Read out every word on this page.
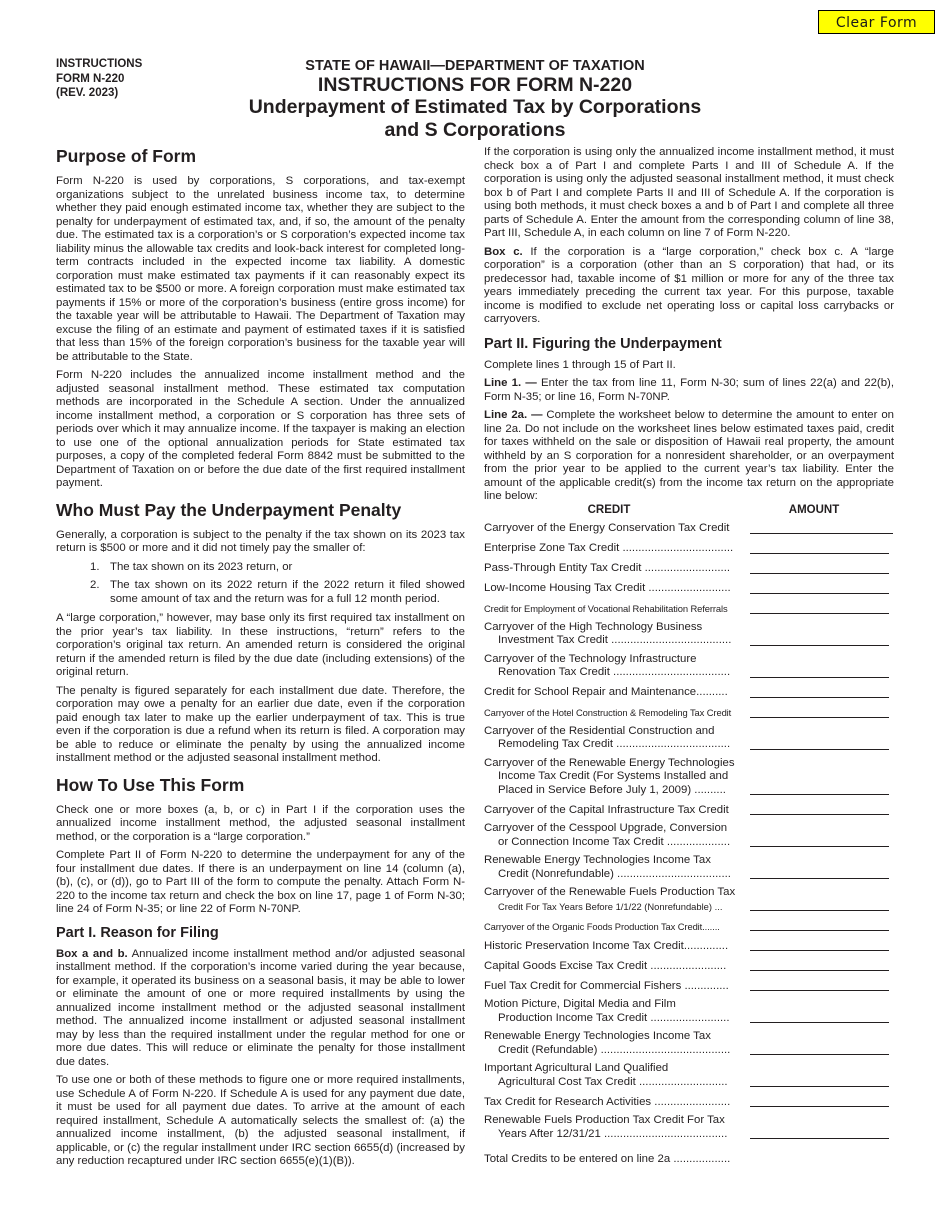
Clear Form
INSTRUCTIONS
FORM N-220
(REV. 2023)
STATE OF HAWAII—DEPARTMENT OF TAXATION
INSTRUCTIONS FOR FORM N-220
Underpayment of Estimated Tax by Corporations
and S Corporations
Purpose of Form

Form N-220 is used by corporations, S corporations, and tax-exempt organizations subject to the unrelated business income tax, to determine whether they paid enough estimated income tax, whether they are subject to the penalty for underpayment of estimated tax, and, if so, the amount of the penalty due. The estimated tax is a corporation’s or S corporation’s expected income tax liability minus the allowable tax credits and look-back interest for completed long-term contracts included in the expected income tax liability. A domestic corporation must make estimated tax payments if it can reasonably expect its estimated tax to be $500 or more. A foreign corporation must make estimated tax payments if 15% or more of the corporation’s business (entire gross income) for the taxable year will be attributable to Hawaii. The Department of Taxation may excuse the filing of an estimate and payment of estimated taxes if it is satisfied that less than 15% of the foreign corporation’s business for the taxable year will be attributable to the State.

Form N-220 includes the annualized income installment method and the adjusted seasonal installment method. These estimated tax computation methods are incorporated in the Schedule A section. Under the annualized income installment method, a corporation or S corporation has three sets of periods over which it may annualize income. If the taxpayer is making an election to use one of the optional annualization periods for State estimated tax purposes, a copy of the completed federal Form 8842 must be submitted to the Department of Taxation on or before the due date of the first required installment payment.

Who Must Pay the Underpayment Penalty

Generally, a corporation is subject to the penalty if the tax shown on its 2023 tax return is $500 or more and it did not timely pay the smaller of:

1. The tax shown on its 2023 return, or
2. The tax shown on its 2022 return if the 2022 return it filed showed some amount of tax and the return was for a full 12 month period.

A “large corporation,” however, may base only its first required tax installment on the prior year’s tax liability. In these instructions, “return” refers to the corporation’s original tax return. An amended return is considered the original return if the amended return is filed by the due date (including extensions) of the original return.

The penalty is figured separately for each installment due date. Therefore, the corporation may owe a penalty for an earlier due date, even if the corporation paid enough tax later to make up the earlier underpayment of tax. This is true even if the corporation is due a refund when its return is filed. A corporation may be able to reduce or eliminate the penalty by using the annualized income installment method or the adjusted seasonal installment method.

How To Use This Form

Check one or more boxes (a, b, or c) in Part I if the corporation uses the annualized income installment method, the adjusted seasonal installment method, or the corporation is a “large corporation.”

Complete Part II of Form N-220 to determine the underpayment for any of the four installment due dates. If there is an underpayment on line 14 (column (a), (b), (c), or (d)), go to Part III of the form to compute the penalty. Attach Form N-220 to the income tax return and check the box on line 17, page 1 of Form N-30; line 24 of Form N-35; or line 22 of Form N-70NP.

Part I. Reason for Filing

Box a and b. Annualized income installment method and/or adjusted seasonal installment method. If the corporation’s income varied during the year because, for example, it operated its business on a seasonal basis, it may be able to lower or eliminate the amount of one or more required installments by using the annualized income installment method or the adjusted seasonal installment method. The annualized income installment or adjusted seasonal installment may by less than the required installment under the regular method for one or more due dates. This will reduce or eliminate the penalty for those installment due dates.

To use one or both of these methods to figure one or more required installments, use Schedule A of Form N-220. If Schedule A is used for any payment due date, it must be used for all payment due dates. To arrive at the amount of each required installment, Schedule A automatically selects the smallest of: (a) the annualized income installment, (b) the adjusted seasonal installment, if applicable, or (c) the regular installment under IRC section 6655(d) (increased by any reduction recaptured under IRC section 6655(e)(1)(B)).

If the corporation is using only the annualized income installment method, it must check box a of Part I and complete Parts I and III of Schedule A. If the corporation is using only the adjusted seasonal installment method, it must check box b of Part I and complete Parts II and III of Schedule A. If the corporation is using both methods, it must check boxes a and b of Part I and complete all three parts of Schedule A. Enter the amount from the corresponding column of line 38, Part III, Schedule A, in each column on line 7 of Form N-220.

Box c. If the corporation is a “large corporation,” check box c. A “large corporation” is a corporation (other than an S corporation) that had, or its predecessor had, taxable income of $1 million or more for any of the three tax years immediately preceding the current tax year. For this purpose, taxable income is modified to exclude net operating loss or capital loss carrybacks or carryovers.

Part II. Figuring the Underpayment

Complete lines 1 through 15 of Part II.

Line 1. — Enter the tax from line 11, Form N-30; sum of lines 22(a) and 22(b), Form N-35; or line 16, Form N-70NP.

Line 2a. — Complete the worksheet below to determine the amount to enter on line 2a. Do not include on the worksheet lines below estimated taxes paid, credit for taxes withheld on the sale or disposition of Hawaii real property, the amount withheld by an S corporation for a nonresident shareholder, or an overpayment from the prior year to be applied to the current year’s tax liability. Enter the amount of the applicable credit(s) from the income tax return on the appropriate line below:

CREDIT	AMOUNT
Carryover of the Energy Conservation Tax Credit
Enterprise Zone Tax Credit ...................................
Pass-Through Entity Tax Credit ...........................
Low-Income Housing Tax Credit ..........................
Credit for Employment of Vocational Rehabilitation Referrals
Carryover of the High Technology Business
Investment Tax Credit ......................................
Carryover of the Technology Infrastructure
Renovation Tax Credit .....................................
Credit for School Repair and Maintenance..........
Carryover of the Hotel Construction & Remodeling Tax Credit
Carryover of the Residential Construction and
Remodeling Tax Credit ....................................
Carryover of the Renewable Energy Technologies
Income Tax Credit (For Systems Installed and
Placed in Service Before July 1, 2009) ..........
Carryover of the Capital Infrastructure Tax Credit
Carryover of the Cesspool Upgrade, Conversion
or Connection Income Tax Credit ....................
Renewable Energy Technologies Income Tax
Credit (Nonrefundable) ....................................
Carryover of the Renewable Fuels Production Tax
Credit For Tax Years Before 1/1/22 (Nonrefundable) ...
Carryover of the Organic Foods Production Tax Credit.......
Historic Preservation Income Tax Credit..............
Capital Goods Excise Tax Credit ........................
Fuel Tax Credit for Commercial Fishers ..............
Motion Picture, Digital Media and Film
Production Income Tax Credit .........................
Renewable Energy Technologies Income Tax
Credit (Refundable) .........................................
Important Agricultural Land Qualified
Agricultural Cost Tax Credit ............................
Tax Credit for Research Activities ........................
Renewable Fuels Production Tax Credit For Tax
Years After 12/31/21 .......................................
Total Credits to be entered on line 2a ..................
